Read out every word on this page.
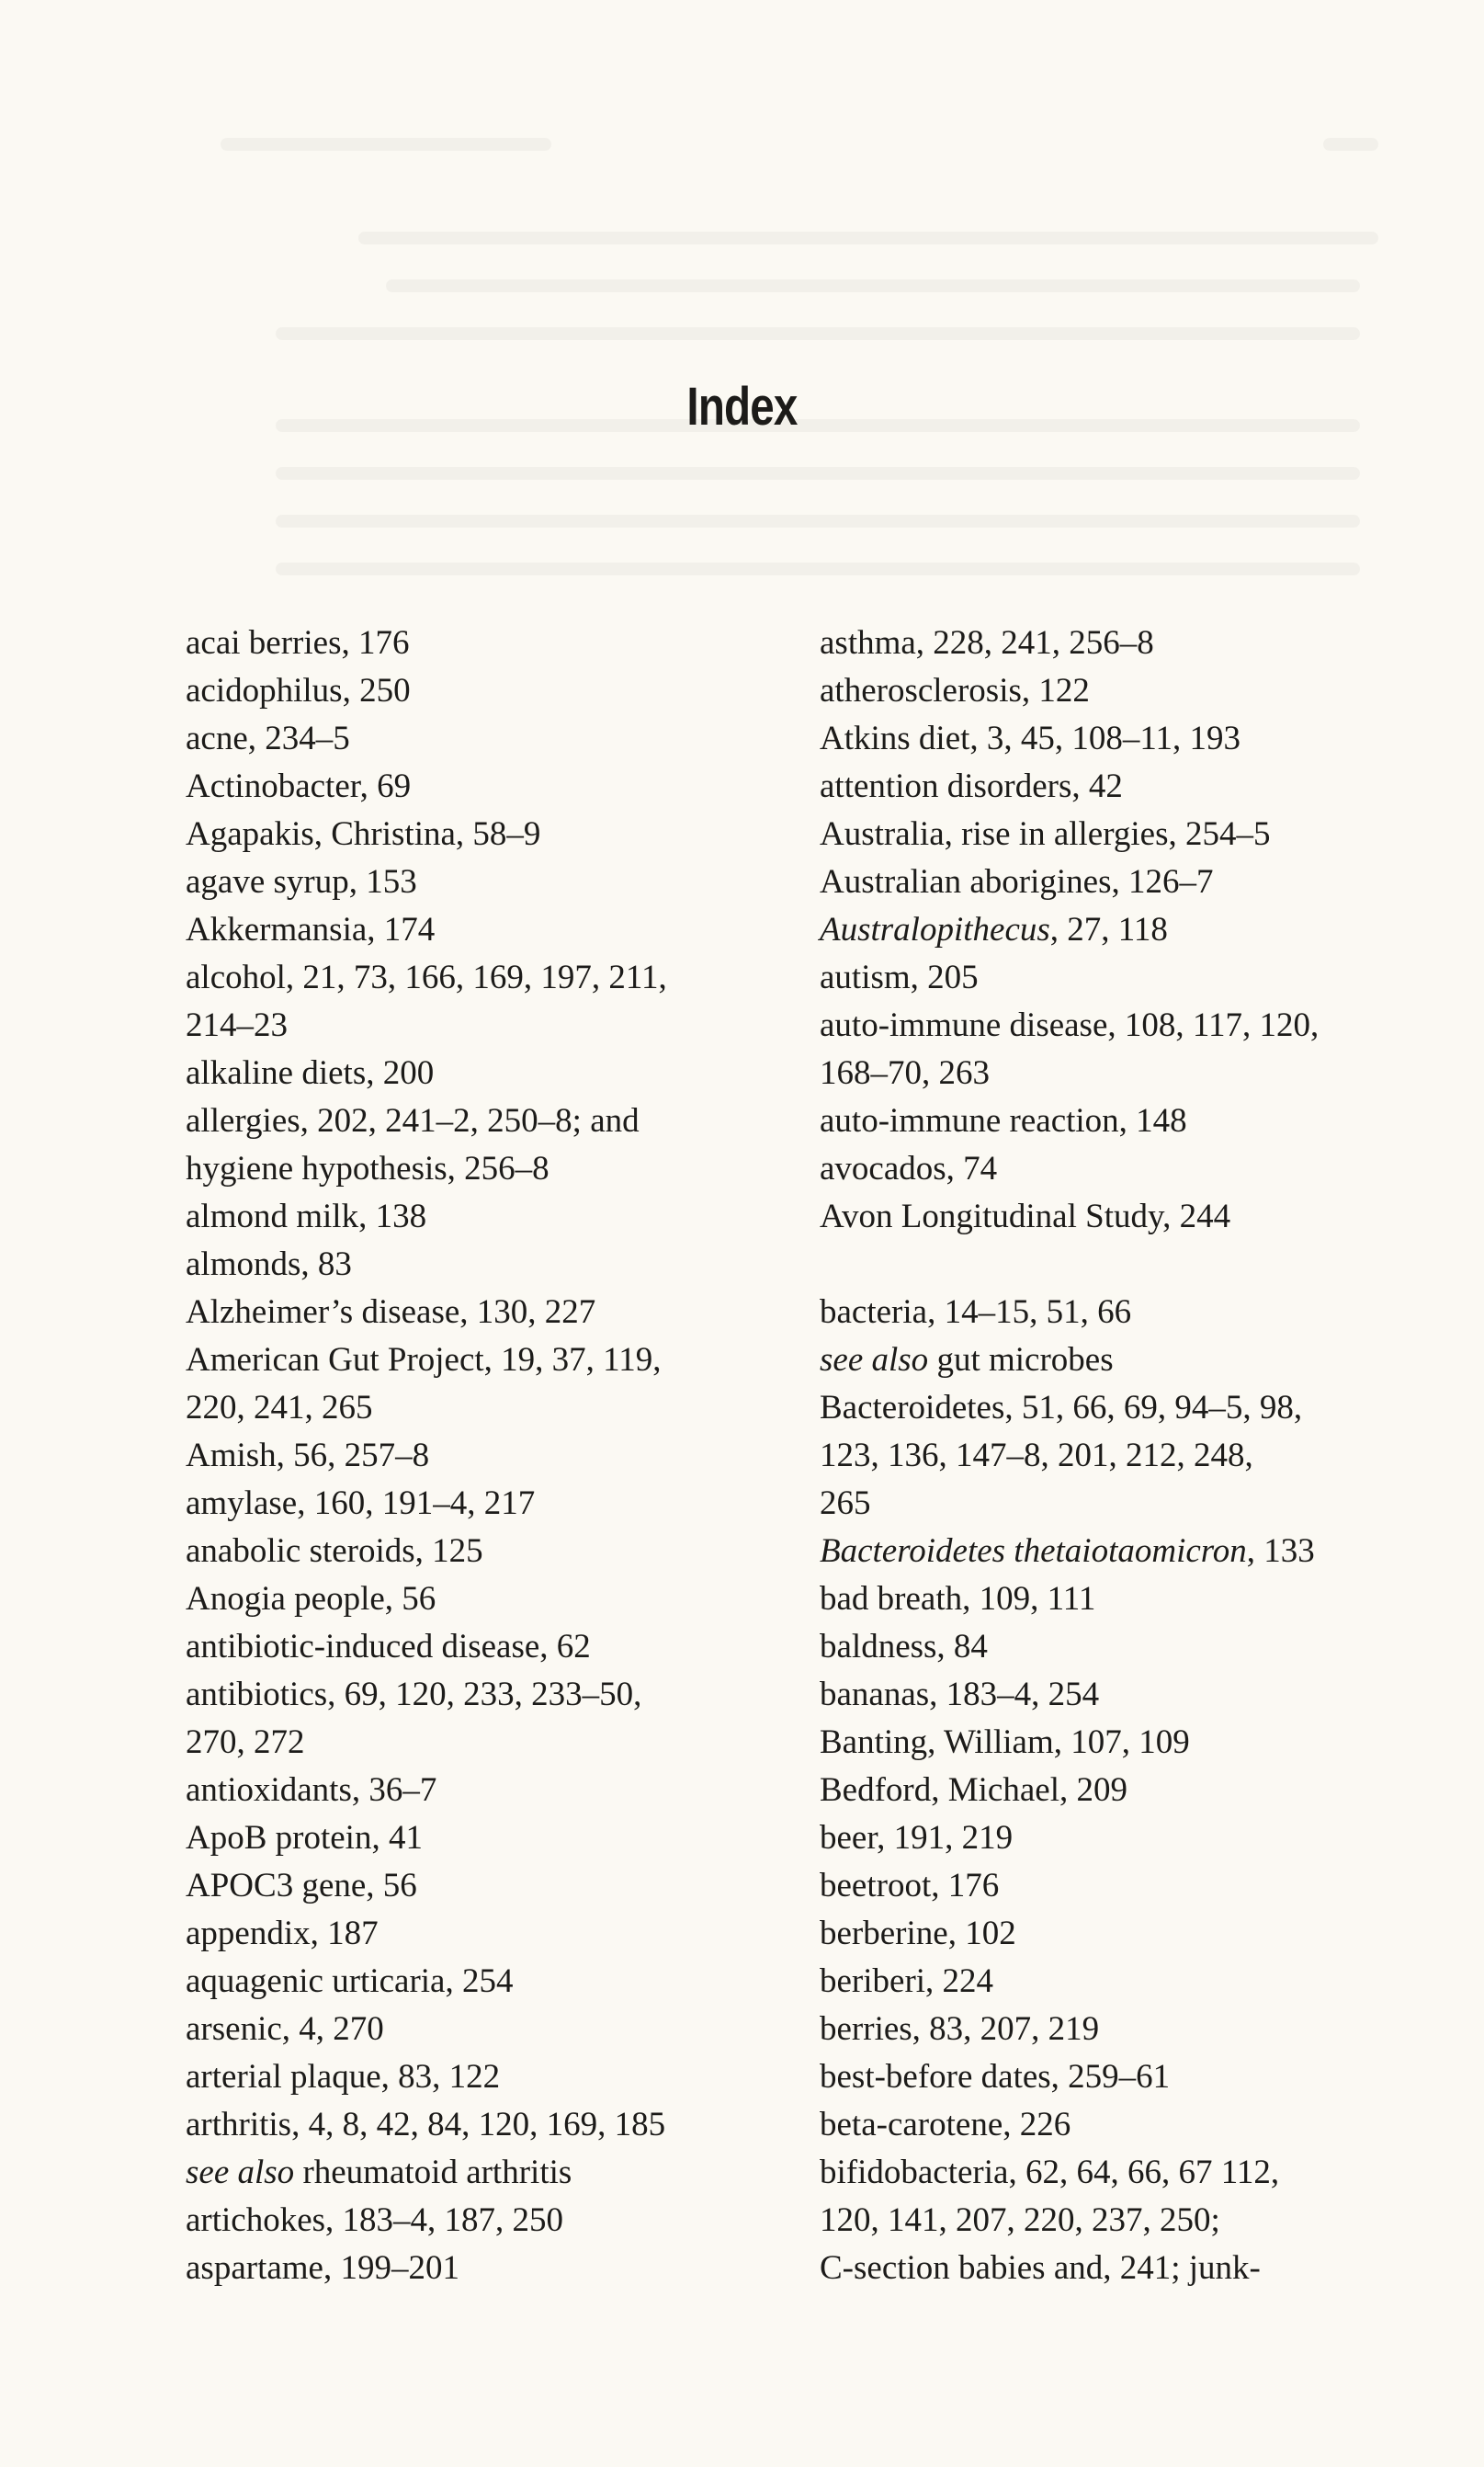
Index

acai berries, 176

acidophilus, 250

acne, 234–5

Actinobacter, 69

Agapakis, Christina, 58–9

agave syrup, 153

Akkermansia, 174

alcohol, 21, 73, 166, 169, 197, 211,
214–23

alkaline diets, 200

allergies, 202, 241–2, 250–8; and
hygiene hypothesis, 256–8

almond milk, 138

almonds, 83

Alzheimer’s disease, 130, 227

American Gut Project, 19, 37, 119,
220, 241, 265

Amish, 56, 257–8

amylase, 160, 191–4, 217

anabolic steroids, 125

Anogia people, 56

antibiotic-induced disease, 62

antibiotics, 69, 120, 233, 233–50,
270, 272

antioxidants, 36–7

ApoB protein, 41

APOC3 gene, 56

appendix, 187

aquagenic urticaria, 254

arsenic, 4, 270

arterial plaque, 83, 122

arthritis, 4, 8, 42, 84, 120, 169, 185
see also rheumatoid arthritis

artichokes, 183–4, 187, 250

aspartame, 199–201

asthma, 228, 241, 256–8

atherosclerosis, 122

Atkins diet, 3, 45, 108–11, 193

attention disorders, 42

Australia, rise in allergies, 254–5

Australian aborigines, 126–7

Australopithecus, 27, 118

autism, 205

auto-immune disease, 108, 117, 120,
168–70, 263

auto-immune reaction, 148

avocados, 74

Avon Longitudinal Study, 244

bacteria, 14–15, 51, 66
see also gut microbes

Bacteroidetes, 51, 66, 69, 94–5, 98,
123, 136, 147–8, 201, 212, 248,
265

Bacteroidetes thetaiotaomicron, 133

bad breath, 109, 111

baldness, 84

bananas, 183–4, 254

Banting, William, 107, 109

Bedford, Michael, 209

beer, 191, 219

beetroot, 176

berberine, 102

beriberi, 224

berries, 83, 207, 219

best-before dates, 259–61

beta-carotene, 226

bifidobacteria, 62, 64, 66, 67 112,
120, 141, 207, 220, 237, 250;
C-section babies and, 241; junk-
